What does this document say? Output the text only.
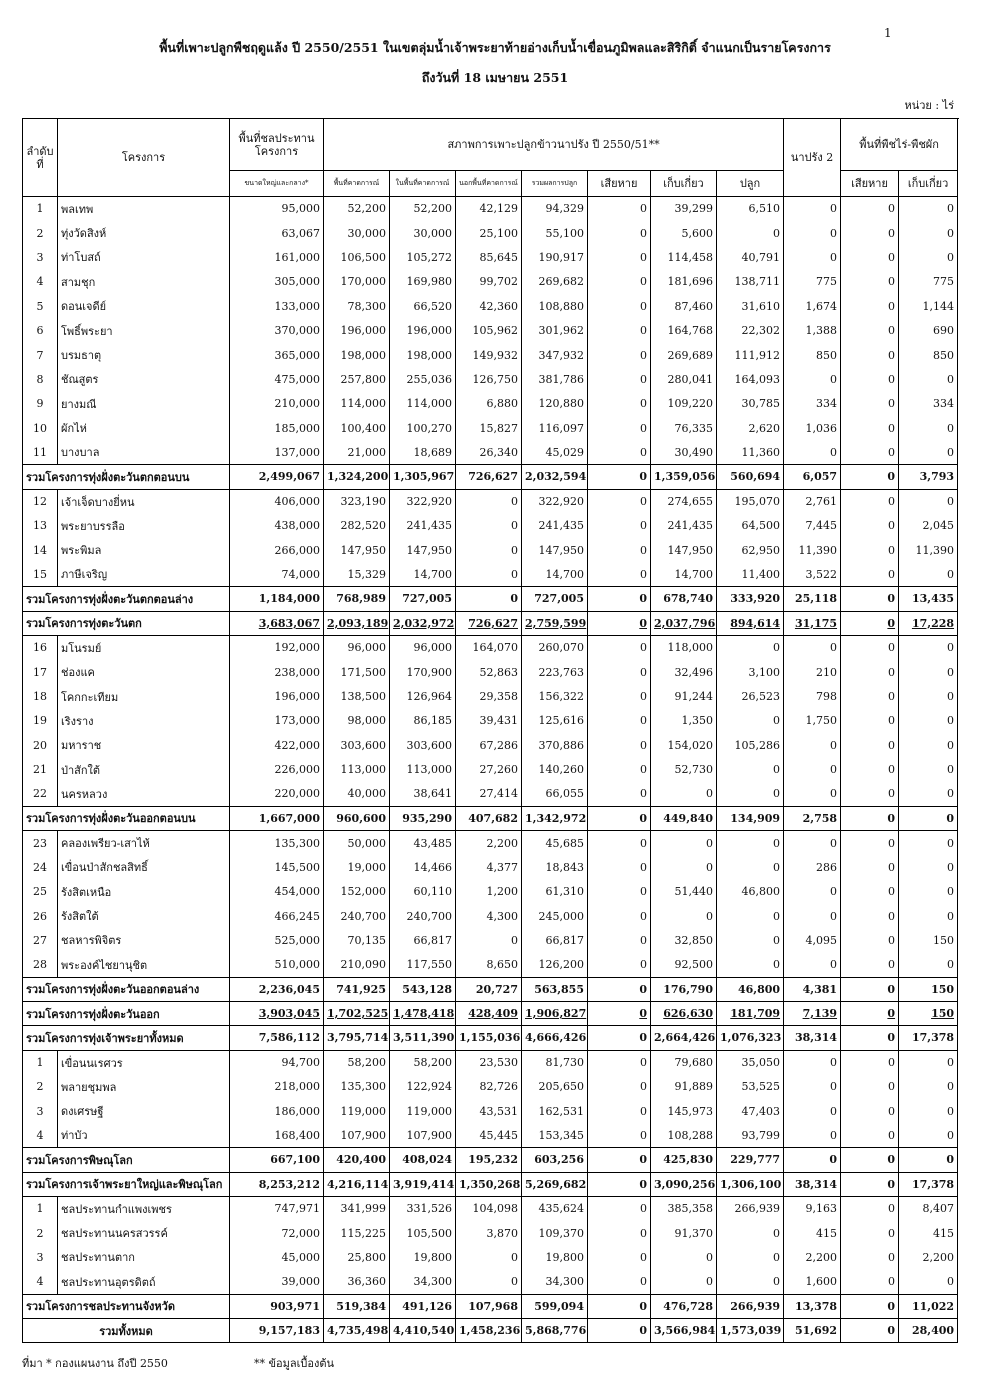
1
พื้นที่เพาะปลูกพืชฤดูแล้ง ปี 2550/2551 ในเขตลุ่มน้ำเจ้าพระยาท้ายอ่างเก็บน้ำเขื่อนภูมิพลและสิริกิติ์ จำแนกเป็นรายโครงการ
ถึงวันที่ 18 เมษายน 2551
หน่วย : ไร่
ลำดับที่	โครงการ	พื้นที่ชลประทานโครงการ	สภาพการเพาะปลูกข้าวนาปรัง ปี 2550/51**							นาปรัง 2	พื้นที่พืชไร่-พืชผัก	

		ขนาดใหญ่และกลาง*	พื้นที่คาดการณ์	ในพื้นที่คาดการณ์	นอกพื้นที่คาดการณ์	รวมผลการปลูก	เสียหาย	เก็บเกี่ยว	ปลูก		เสียหาย	เก็บเกี่ยว
1	พลเทพ	95,000	52,200	52,200	42,129	94,329	0	39,299	6,510	0	0	0
2	ทุ่งวัดสิงห์	63,067	30,000	30,000	25,100	55,100	0	5,600	0	0	0	0
3	ท่าโบสถ์	161,000	106,500	105,272	85,645	190,917	0	114,458	40,791	0	0	0
4	สามชุก	305,000	170,000	169,980	99,702	269,682	0	181,696	138,711	775	0	775
5	ดอนเจดีย์	133,000	78,300	66,520	42,360	108,880	0	87,460	31,610	1,674	0	1,144
6	โพธิ์พระยา	370,000	196,000	196,000	105,962	301,962	0	164,768	22,302	1,388	0	690
7	บรมธาตุ	365,000	198,000	198,000	149,932	347,932	0	269,689	111,912	850	0	850
8	ชัณสูตร	475,000	257,800	255,036	126,750	381,786	0	280,041	164,093	0	0	0
9	ยางมณี	210,000	114,000	114,000	6,880	120,880	0	109,220	30,785	334	0	334
10	ผักไห่	185,000	100,400	100,270	15,827	116,097	0	76,335	2,620	1,036	0	0
11	บางบาล	137,000	21,000	18,689	26,340	45,029	0	30,490	11,360	0	0	0
รวมโครงการทุ่งฝั่งตะวันตกตอนบน		2,499,067	1,324,200	1,305,967	726,627	2,032,594	0	1,359,056	560,694	6,057	0	3,793
12	เจ้าเจ็ดบางยี่หน	406,000	323,190	322,920	0	322,920	0	274,655	195,070	2,761	0	0
13	พระยาบรรลือ	438,000	282,520	241,435	0	241,435	0	241,435	64,500	7,445	0	2,045
14	พระพิมล	266,000	147,950	147,950	0	147,950	0	147,950	62,950	11,390	0	11,390
15	ภาษีเจริญ	74,000	15,329	14,700	0	14,700	0	14,700	11,400	3,522	0	0
รวมโครงการทุ่งฝั่งตะวันตกตอนล่าง		1,184,000	768,989	727,005	0	727,005	0	678,740	333,920	25,118	0	13,435
รวมโครงการทุ่งตะวันตก		3,683,067	2,093,189	2,032,972	726,627	2,759,599	0	2,037,796	894,614	31,175	0	17,228
16	มโนรมย์	192,000	96,000	96,000	164,070	260,070	0	118,000	0	0	0	0
17	ช่องแค	238,000	171,500	170,900	52,863	223,763	0	32,496	3,100	210	0	0
18	โคกกะเทียม	196,000	138,500	126,964	29,358	156,322	0	91,244	26,523	798	0	0
19	เริงราง	173,000	98,000	86,185	39,431	125,616	0	1,350	0	1,750	0	0
20	มหาราช	422,000	303,600	303,600	67,286	370,886	0	154,020	105,286	0	0	0
21	ป่าสักใต้	226,000	113,000	113,000	27,260	140,260	0	52,730	0	0	0	0
22	นครหลวง	220,000	40,000	38,641	27,414	66,055	0	0	0	0	0	0
รวมโครงการทุ่งฝั่งตะวันออกตอนบน		1,667,000	960,600	935,290	407,682	1,342,972	0	449,840	134,909	2,758	0	0
23	คลองเพรียว-เสาไห้	135,300	50,000	43,485	2,200	45,685	0	0	0	0	0	0
24	เขื่อนป่าสักชลสิทธิ์	145,500	19,000	14,466	4,377	18,843	0	0	0	286	0	0
25	รังสิตเหนือ	454,000	152,000	60,110	1,200	61,310	0	51,440	46,800	0	0	0
26	รังสิตใต้	466,245	240,700	240,700	4,300	245,000	0	0	0	0	0	0
27	ชลหารพิจิตร	525,000	70,135	66,817	0	66,817	0	32,850	0	4,095	0	150
28	พระองค์ไชยานุชิต	510,000	210,090	117,550	8,650	126,200	0	92,500	0	0	0	0
รวมโครงการทุ่งฝั่งตะวันออกตอนล่าง		2,236,045	741,925	543,128	20,727	563,855	0	176,790	46,800	4,381	0	150
รวมโครงการทุ่งฝั่งตะวันออก		3,903,045	1,702,525	1,478,418	428,409	1,906,827	0	626,630	181,709	7,139	0	150
รวมโครงการทุ่งเจ้าพระยาทั้งหมด		7,586,112	3,795,714	3,511,390	1,155,036	4,666,426	0	2,664,426	1,076,323	38,314	0	17,378
1	เขื่อนนเรศวร	94,700	58,200	58,200	23,530	81,730	0	79,680	35,050	0	0	0
2	พลายชุมพล	218,000	135,300	122,924	82,726	205,650	0	91,889	53,525	0	0	0
3	ดงเศรษฐี	186,000	119,000	119,000	43,531	162,531	0	145,973	47,403	0	0	0
4	ท่าบัว	168,400	107,900	107,900	45,445	153,345	0	108,288	93,799	0	0	0
รวมโครงการพิษณุโลก		667,100	420,400	408,024	195,232	603,256	0	425,830	229,777	0	0	0
รวมโครงการเจ้าพระยาใหญ่และพิษณุโลก		8,253,212	4,216,114	3,919,414	1,350,268	5,269,682	0	3,090,256	1,306,100	38,314	0	17,378
1	ชลประทานกำแพงเพชร	747,971	341,999	331,526	104,098	435,624	0	385,358	266,939	9,163	0	8,407
2	ชลประทานนครสวรรค์	72,000	115,225	105,500	3,870	109,370	0	91,370	0	415	0	415
3	ชลประทานตาก	45,000	25,800	19,800	0	19,800	0	0	0	2,200	0	2,200
4	ชลประทานอุตรดิตถ์	39,000	36,360	34,300	0	34,300	0	0	0	1,600	0	0
รวมโครงการชลประทานจังหวัด		903,971	519,384	491,126	107,968	599,094	0	476,728	266,939	13,378	0	11,022
รวมทั้งหมด		9,157,183	4,735,498	4,410,540	1,458,236	5,868,776	0	3,566,984	1,573,039	51,692	0	28,400
ที่มา * กองแผนงาน ถึงปี 2550	** ข้อมูลเบื้องต้น
